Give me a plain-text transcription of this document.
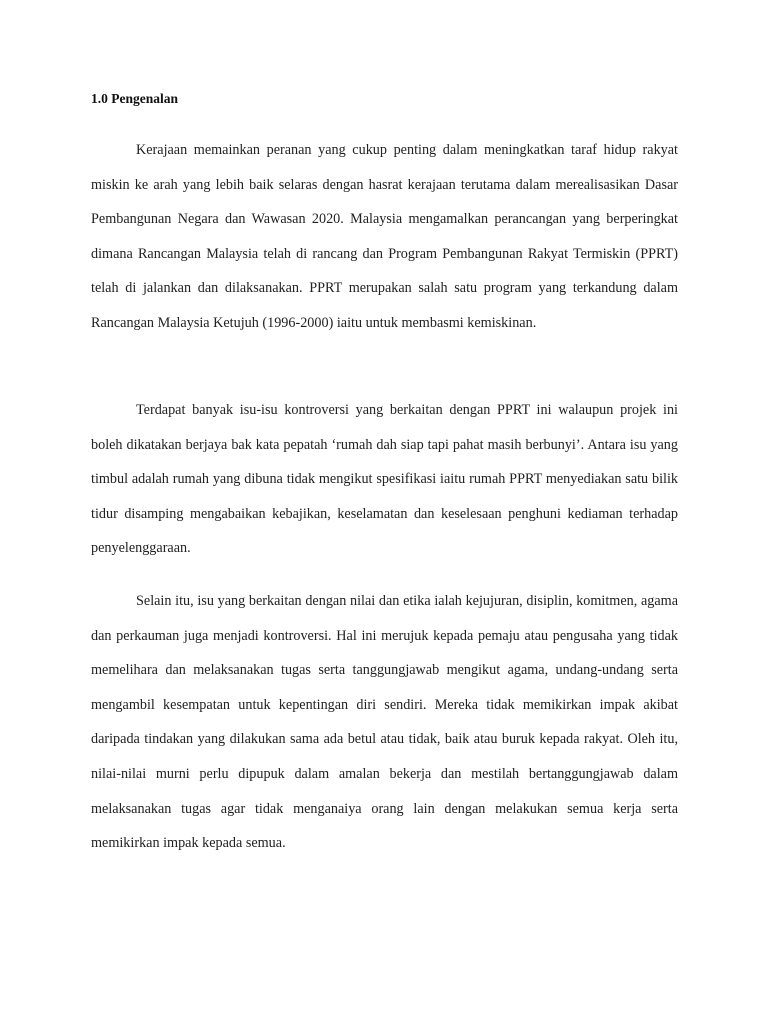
1.0 Pengenalan

Kerajaan memainkan peranan yang cukup penting dalam meningkatkan taraf hidup rakyat miskin ke arah yang lebih baik selaras dengan hasrat kerajaan terutama dalam merealisasikan Dasar Pembangunan Negara dan Wawasan 2020. Malaysia mengamalkan perancangan yang berperingkat dimana Rancangan Malaysia telah di rancang dan Program Pembangunan Rakyat Termiskin (PPRT) telah di jalankan dan dilaksanakan. PPRT merupakan salah satu program yang terkandung dalam Rancangan Malaysia Ketujuh (1996-2000) iaitu untuk membasmi kemiskinan.

Terdapat banyak isu-isu kontroversi yang berkaitan dengan PPRT ini walaupun projek ini boleh dikatakan berjaya bak kata pepatah ‘rumah dah siap tapi pahat masih berbunyi’. Antara isu yang timbul adalah rumah yang dibuna tidak mengikut spesifikasi iaitu rumah PPRT menyediakan satu bilik tidur disamping mengabaikan kebajikan, keselamatan dan keselesaan penghuni kediaman terhadap penyelenggaraan.

Selain itu, isu yang berkaitan dengan nilai dan etika ialah kejujuran, disiplin, komitmen, agama dan perkauman juga menjadi kontroversi. Hal ini merujuk kepada pemaju atau pengusaha yang tidak memelihara dan melaksanakan tugas serta tanggungjawab mengikut agama, undang-undang serta mengambil kesempatan untuk kepentingan diri sendiri. Mereka tidak memikirkan impak akibat daripada tindakan yang dilakukan sama ada betul atau tidak, baik atau buruk kepada rakyat. Oleh itu, nilai-nilai murni perlu dipupuk dalam amalan bekerja dan mestilah bertanggungjawab dalam melaksanakan tugas agar tidak menganaiya orang lain dengan melakukan semua kerja serta memikirkan impak kepada semua.
